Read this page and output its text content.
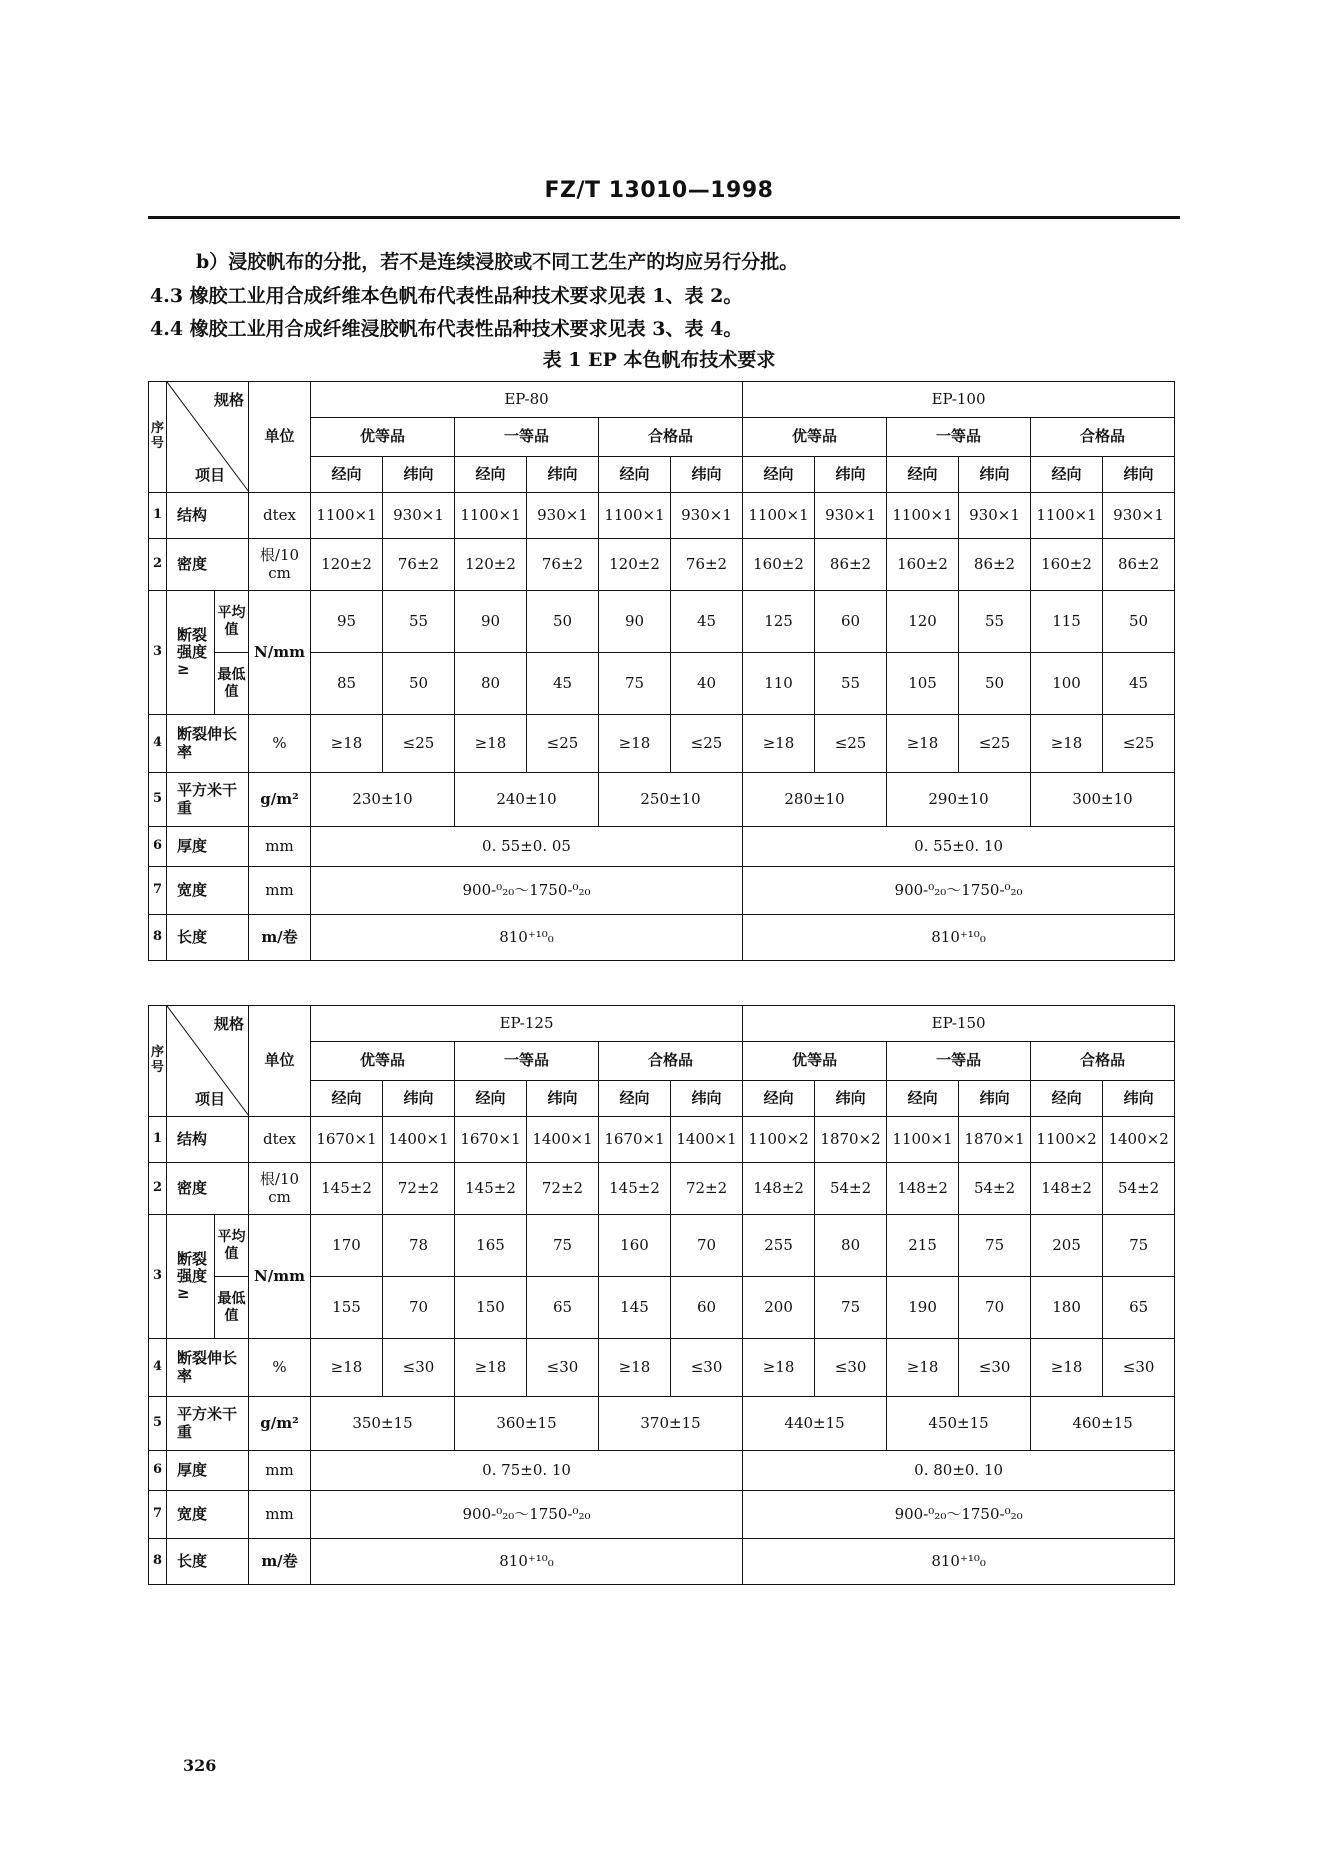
FZ/T 13010—1998
b）浸胶帆布的分批，若不是连续浸胶或不同工艺生产的均应另行分批。
4.3 橡胶工业用合成纤维本色帆布代表性品种技术要求见表 1、表 2。
4.4 橡胶工业用合成纤维浸胶帆布代表性品种技术要求见表 3、表 4。
表 1 EP 本色帆布技术要求
序号	规格
项目		单位	EP-80						EP-100					
				优等品		一等品		合格品		优等品		一等品		合格品	
				经向	纬向	经向	纬向	经向	纬向	经向	纬向	经向	纬向	经向	纬向
1	结构		dtex	1100×1	930×1	1100×1	930×1	1100×1	930×1	1100×1	930×1	1100×1	930×1	1100×1	930×1
2	密度		根/10 cm	120±2	76±2	120±2	76±2	120±2	76±2	160±2	86±2	160±2	86±2	160±2	86±2
3	断裂强度 ≥	平均值	N/mm	95	55	90	50	90	45	125	60	120	55	115	50
		最低值		85	50	80	45	75	40	110	55	105	50	100	45
4	断裂伸长率		%	≥18	≤25	≥18	≤25	≥18	≤25	≥18	≤25	≥18	≤25	≥18	≤25
5	平方米干重		g/m²	230±10		240±10		250±10		280±10		290±10		300±10	
6	厚度		mm	0. 55±0. 05						0. 55±0. 10					
7	宽度		mm	900-⁰₂₀～1750-⁰₂₀						900-⁰₂₀～1750-⁰₂₀					
8	长度		m/卷	810⁺¹⁰₀						810⁺¹⁰₀					
序号	规格
项目		单位	EP-125						EP-150					
				优等品		一等品		合格品		优等品		一等品		合格品	
				经向	纬向	经向	纬向	经向	纬向	经向	纬向	经向	纬向	经向	纬向
1	结构		dtex	1670×1	1400×1	1670×1	1400×1	1670×1	1400×1	1100×2	1870×2	1100×1	1870×1	1100×2	1400×2
2	密度		根/10 cm	145±2	72±2	145±2	72±2	145±2	72±2	148±2	54±2	148±2	54±2	148±2	54±2
3	断裂强度 ≥	平均值	N/mm	170	78	165	75	160	70	255	80	215	75	205	75
		最低值		155	70	150	65	145	60	200	75	190	70	180	65
4	断裂伸长率		%	≥18	≤30	≥18	≤30	≥18	≤30	≥18	≤30	≥18	≤30	≥18	≤30
5	平方米干重		g/m²	350±15		360±15		370±15		440±15		450±15		460±15	
6	厚度		mm	0. 75±0. 10						0. 80±0. 10					
7	宽度		mm	900-⁰₂₀～1750-⁰₂₀						900-⁰₂₀～1750-⁰₂₀					
8	长度		m/卷	810⁺¹⁰₀						810⁺¹⁰₀					
326
